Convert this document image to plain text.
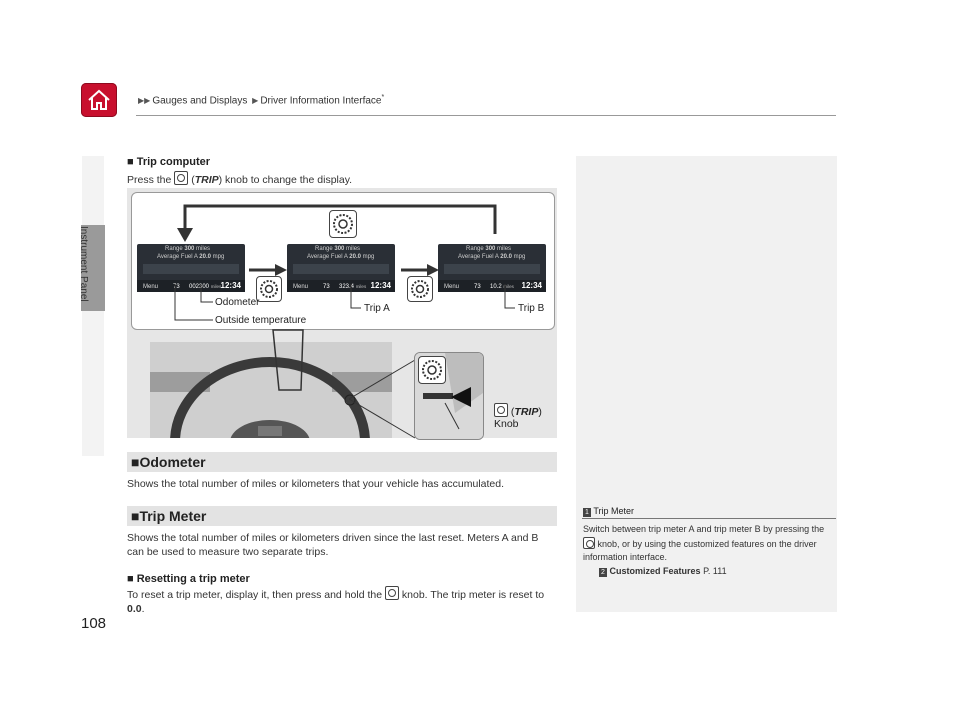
▶▶ Gauges and Displays ▶ Driver Information Interface*
Instrument Panel
108
■ Trip computer
Press the (TRIP) knob to change the display.
Range 300 miles
Average Fuel A 20.0 mpg
Menu 73 002300 miles 12:34
Range 300 miles
Average Fuel A 20.0 mpg
Menu 73 323.4 miles 12:34
Range 300 miles
Average Fuel A 20.0 mpg
Menu 73 10.2 miles 12:34
Odometer
Outside temperature
Trip A	Trip B
(TRIP)
Knob
■Odometer
Shows the total number of miles or kilometers that your vehicle has accumulated.
■Trip Meter
Shows the total number of miles or kilometers driven since the last reset. Meters A and B can be used to measure two separate trips.
■ Resetting a trip meter
To reset a trip meter, display it, then press and hold the knob. The trip meter is reset to 0.0.
1 Trip Meter
Switch between trip meter A and trip meter B by pressing the  knob, or by using the customized features on the driver information interface.
2 Customized Features P. 111
